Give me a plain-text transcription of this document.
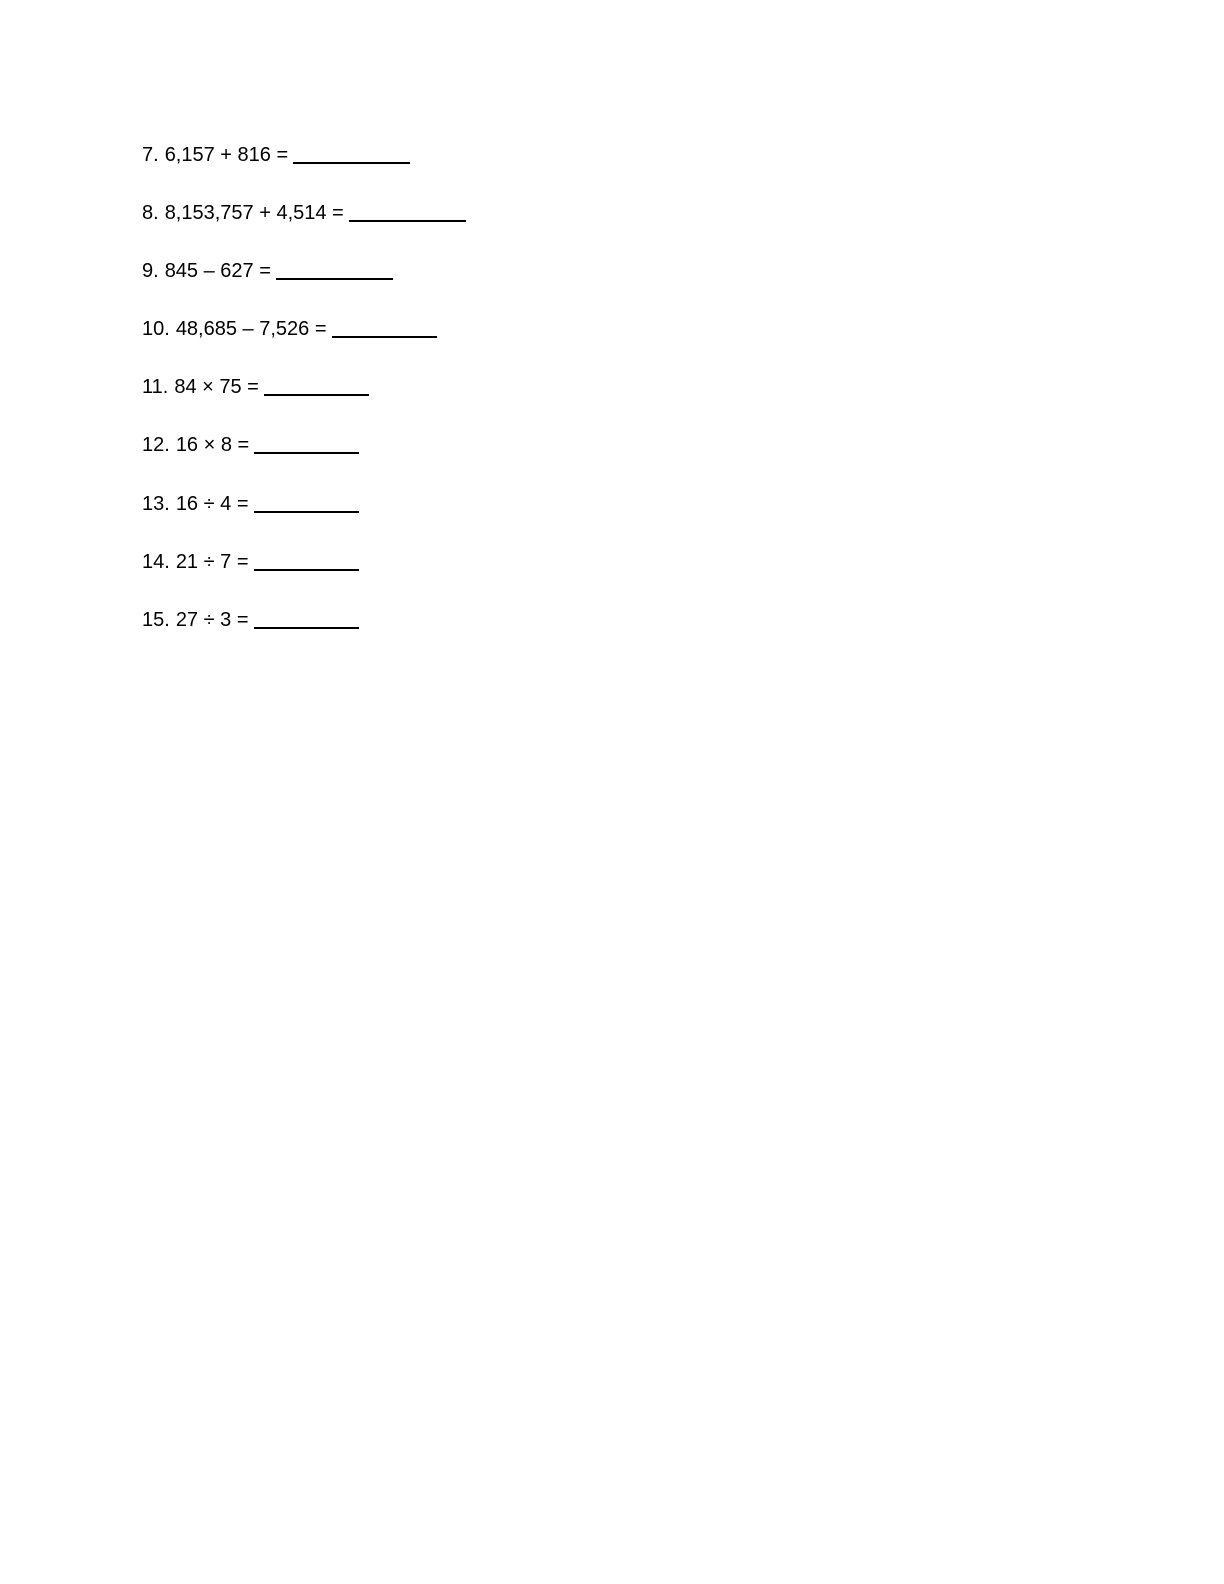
7. 6,157 + 816 =
8. 8,153,757 + 4,514 =
9. 845 – 627 =
10. 48,685 – 7,526 =
11. 84 × 75 =
12. 16 × 8 =
13. 16 ÷ 4 =
14. 21 ÷ 7 =
15. 27 ÷ 3 =
